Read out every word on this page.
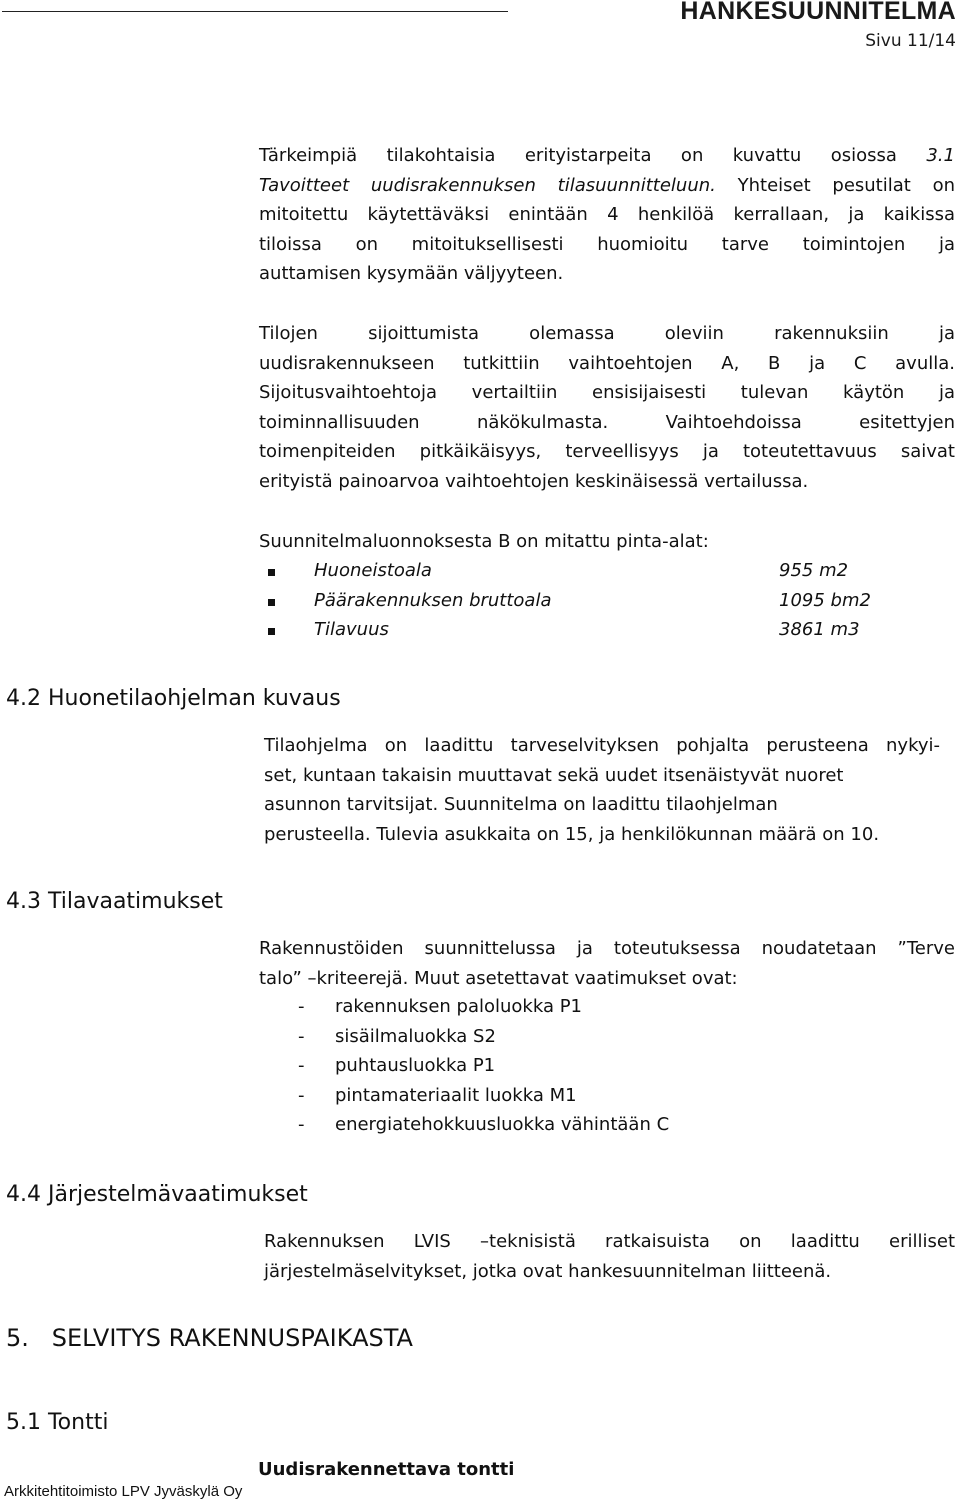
HANKESUUNNITELMA
Sivu 11/14
Tärkeimpiä tilakohtaisia erityistarpeita on kuvattu osiossa 3.1
Tavoitteet uudisrakennuksen tilasuunnitteluun. Yhteiset pesutilat on
mitoitettu käytettäväksi enintään 4 henkilöä kerrallaan, ja kaikissa
tiloissa on mitoituksellisesti huomioitu tarve toimintojen ja
auttamisen kysymään väljyyteen.
Tilojen sijoittumista olemassa oleviin rakennuksiin ja
uudisrakennukseen tutkittiin vaihtoehtojen A, B ja C avulla.
Sijoitusvaihtoehtoja vertailtiin ensisijaisesti tulevan käytön ja
toiminnallisuuden näkökulmasta. Vaihtoehdoissa esitettyjen
toimenpiteiden pitkäikäisyys, terveellisyys ja toteutettavuus saivat
erityistä painoarvoa vaihtoehtojen keskinäisessä vertailussa.
Suunnitelmaluonnoksesta B on mitattu pinta-alat:
Huoneistoala	955 m2
Päärakennuksen bruttoala	1095 bm2
Tilavuus	3861 m3
4.2 Huonetilaohjelman kuvaus
Tilaohjelma on laadittu tarveselvityksen pohjalta perusteena nykyi-
set, kuntaan takaisin muuttavat sekä uudet itsenäistyvät nuoret
asunnon tarvitsijat. Suunnitelma on laadittu tilaohjelman
perusteella. Tulevia asukkaita on 15, ja henkilökunnan määrä on 10.
4.3 Tilavaatimukset
Rakennustöiden suunnittelussa ja toteutuksessa noudatetaan ”Terve
talo” –kriteerejä. Muut asetettavat vaatimukset ovat:
- rakennuksen paloluokka P1
- sisäilmaluokka S2
- puhtausluokka P1
- pintamateriaalit luokka M1
- energiatehokkuusluokka vähintään C
4.4 Järjestelmävaatimukset
Rakennuksen LVIS –teknisistä ratkaisuista on laadittu erilliset
järjestelmäselvitykset, jotka ovat hankesuunnitelman liitteenä.
5.   SELVITYS RAKENNUSPAIKASTA
5.1 Tontti
Uudisrakennettava tontti
Arkkitehtitoimisto LPV Jyväskylä Oy
